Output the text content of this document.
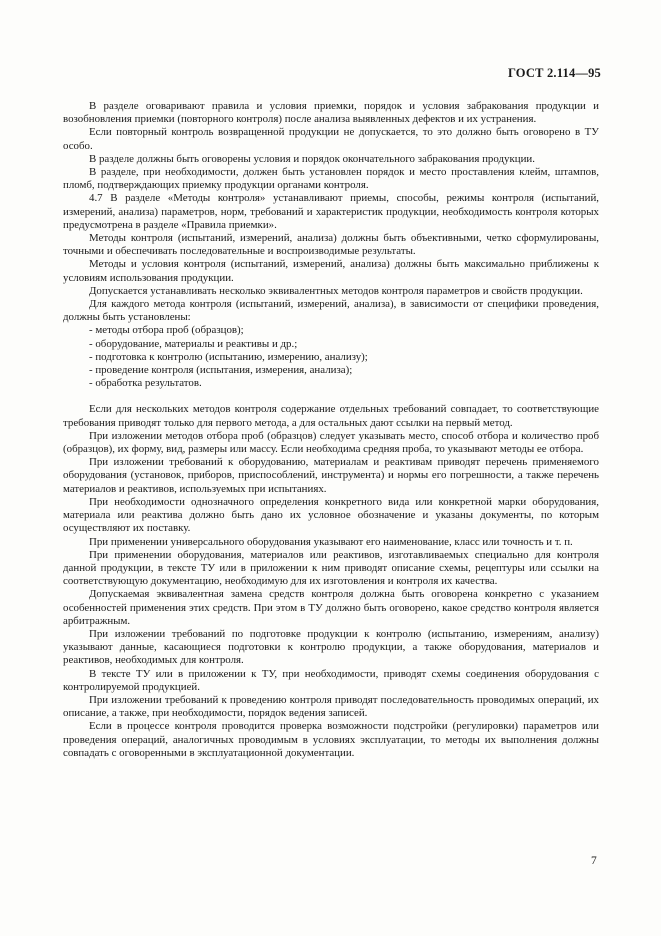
ГОСТ 2.114—95

В разделе оговаривают правила и условия приемки, порядок и условия забракования продукции и возобновления приемки (повторного контроля) после анализа выявленных дефектов и их устранения.

Если повторный контроль возвращенной продукции не допускается, то это должно быть оговорено в ТУ особо.

В разделе должны быть оговорены условия и порядок окончательного забракования продукции.

В разделе, при необходимости, должен быть установлен порядок и место проставления клейм, штампов, пломб, подтверждающих приемку продукции органами контроля.

4.7 В разделе «Методы контроля» устанавливают приемы, способы, режимы контроля (испытаний, измерений, анализа) параметров, норм, требований и характеристик продукции, необходимость контроля которых предусмотрена в разделе «Правила приемки».

Методы контроля (испытаний, измерений, анализа) должны быть объективными, четко сформулированы, точными и обеспечивать последовательные и воспроизводимые результаты.

Методы и условия контроля (испытаний, измерений, анализа) должны быть максимально приближены к условиям использования продукции.

Допускается устанавливать несколько эквивалентных методов контроля параметров и свойств продукции.

Для каждого метода контроля (испытаний, измерений, анализа), в зависимости от специфики проведения, должны быть установлены:

- методы отбора проб (образцов);
- оборудование, материалы и реактивы и др.;
- подготовка к контролю (испытанию, измерению, анализу);
- проведение контроля (испытания, измерения, анализа);
- обработка результатов.

Если для нескольких методов контроля содержание отдельных требований совпадает, то соответствующие требования приводят только для первого метода, а для остальных дают ссылки на первый метод.

При изложении методов отбора проб (образцов) следует указывать место, способ отбора и количество проб (образцов), их форму, вид, размеры или массу. Если необходима средняя проба, то указывают методы ее отбора.

При изложении требований к оборудованию, материалам и реактивам приводят перечень применяемого оборудования (установок, приборов, приспособлений, инструмента) и нормы его погрешности, а также перечень материалов и реактивов, используемых при испытаниях.

При необходимости однозначного определения конкретного вида или конкретной марки оборудования, материала или реактива должно быть дано их условное обозначение и указаны документы, по которым осуществляют их поставку.

При применении универсального оборудования указывают его наименование, класс или точность и т. п.

При применении оборудования, материалов или реактивов, изготавливаемых специально для контроля данной продукции, в тексте ТУ или в приложении к ним приводят описание схемы, рецептуры или ссылки на соответствующую документацию, необходимую для их изготовления и контроля их качества.

Допускаемая эквивалентная замена средств контроля должна быть оговорена конкретно с указанием особенностей применения этих средств. При этом в ТУ должно быть оговорено, какое средство контроля является арбитражным.

При изложении требований по подготовке продукции к контролю (испытанию, измерениям, анализу) указывают данные, касающиеся подготовки к контролю продукции, а также оборудования, материалов и реактивов, необходимых для контроля.

В тексте ТУ или в приложении к ТУ, при необходимости, приводят схемы соединения оборудования с контролируемой продукцией.

При изложении требований к проведению контроля приводят последовательность проводимых операций, их описание, а также, при необходимости, порядок ведения записей.

Если в процессе контроля проводится проверка возможности подстройки (регулировки) параметров или проведения операций, аналогичных проводимым в условиях эксплуатации, то методы их выполнения должны совпадать с оговоренными в эксплуатационной документации.

7
